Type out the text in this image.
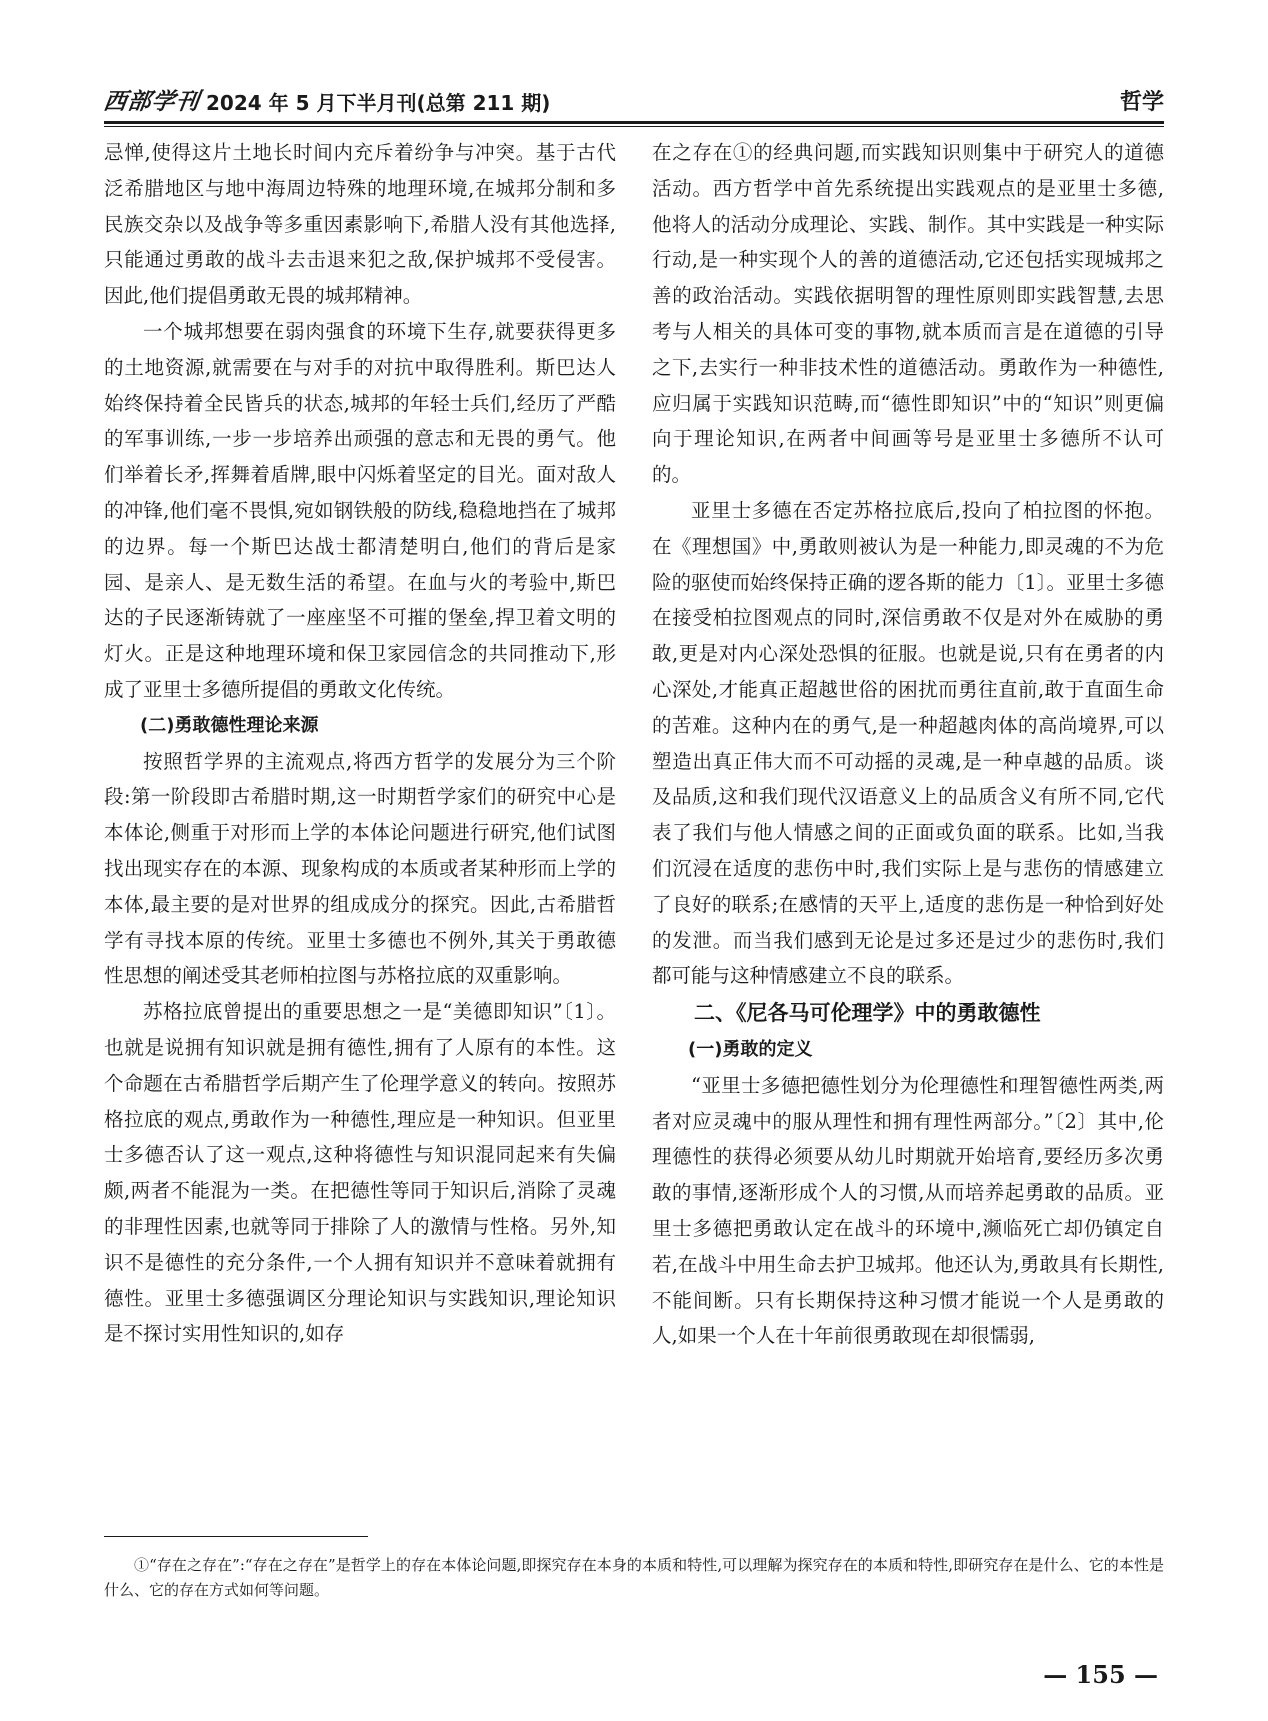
西部学刊 2024 年 5 月下半月刊(总第 211 期)	哲学

忌惮,使得这片土地长时间内充斥着纷争与冲突。基于古代泛希腊地区与地中海周边特殊的地理环境,在城邦分制和多民族交杂以及战争等多重因素影响下,希腊人没有其他选择,只能通过勇敢的战斗去击退来犯之敌,保护城邦不受侵害。因此,他们提倡勇敢无畏的城邦精神。

一个城邦想要在弱肉强食的环境下生存,就要获得更多的土地资源,就需要在与对手的对抗中取得胜利。斯巴达人始终保持着全民皆兵的状态,城邦的年轻士兵们,经历了严酷的军事训练,一步一步培养出顽强的意志和无畏的勇气。他们举着长矛,挥舞着盾牌,眼中闪烁着坚定的目光。面对敌人的冲锋,他们毫不畏惧,宛如钢铁般的防线,稳稳地挡在了城邦的边界。每一个斯巴达战士都清楚明白,他们的背后是家园、是亲人、是无数生活的希望。在血与火的考验中,斯巴达的子民逐渐铸就了一座座坚不可摧的堡垒,捍卫着文明的灯火。正是这种地理环境和保卫家园信念的共同推动下,形成了亚里士多德所提倡的勇敢文化传统。

(二)勇敢德性理论来源

按照哲学界的主流观点,将西方哲学的发展分为三个阶段:第一阶段即古希腊时期,这一时期哲学家们的研究中心是本体论,侧重于对形而上学的本体论问题进行研究,他们试图找出现实存在的本源、现象构成的本质或者某种形而上学的本体,最主要的是对世界的组成成分的探究。因此,古希腊哲学有寻找本原的传统。亚里士多德也不例外,其关于勇敢德性思想的阐述受其老师柏拉图与苏格拉底的双重影响。

苏格拉底曾提出的重要思想之一是“美德即知识”〔1〕。也就是说拥有知识就是拥有德性,拥有了人原有的本性。这个命题在古希腊哲学后期产生了伦理学意义的转向。按照苏格拉底的观点,勇敢作为一种德性,理应是一种知识。但亚里士多德否认了这一观点,这种将德性与知识混同起来有失偏颇,两者不能混为一类。在把德性等同于知识后,消除了灵魂的非理性因素,也就等同于排除了人的激情与性格。另外,知识不是德性的充分条件,一个人拥有知识并不意味着就拥有德性。亚里士多德强调区分理论知识与实践知识,理论知识是不探讨实用性知识的,如存

在之存在①的经典问题,而实践知识则集中于研究人的道德活动。西方哲学中首先系统提出实践观点的是亚里士多德,他将人的活动分成理论、实践、制作。其中实践是一种实际行动,是一种实现个人的善的道德活动,它还包括实现城邦之善的政治活动。实践依据明智的理性原则即实践智慧,去思考与人相关的具体可变的事物,就本质而言是在道德的引导之下,去实行一种非技术性的道德活动。勇敢作为一种德性,应归属于实践知识范畴,而“德性即知识”中的“知识”则更偏向于理论知识,在两者中间画等号是亚里士多德所不认可的。

亚里士多德在否定苏格拉底后,投向了柏拉图的怀抱。在《理想国》中,勇敢则被认为是一种能力,即灵魂的不为危险的驱使而始终保持正确的逻各斯的能力〔1〕。亚里士多德在接受柏拉图观点的同时,深信勇敢不仅是对外在威胁的勇敢,更是对内心深处恐惧的征服。也就是说,只有在勇者的内心深处,才能真正超越世俗的困扰而勇往直前,敢于直面生命的苦难。这种内在的勇气,是一种超越肉体的高尚境界,可以塑造出真正伟大而不可动摇的灵魂,是一种卓越的品质。谈及品质,这和我们现代汉语意义上的品质含义有所不同,它代表了我们与他人情感之间的正面或负面的联系。比如,当我们沉浸在适度的悲伤中时,我们实际上是与悲伤的情感建立了良好的联系;在感情的天平上,适度的悲伤是一种恰到好处的发泄。而当我们感到无论是过多还是过少的悲伤时,我们都可能与这种情感建立不良的联系。

二、《尼各马可伦理学》中的勇敢德性
(一)勇敢的定义

“亚里士多德把德性划分为伦理德性和理智德性两类,两者对应灵魂中的服从理性和拥有理性两部分。”〔2〕其中,伦理德性的获得必须要从幼儿时期就开始培育,要经历多次勇敢的事情,逐渐形成个人的习惯,从而培养起勇敢的品质。亚里士多德把勇敢认定在战斗的环境中,濒临死亡却仍镇定自若,在战斗中用生命去护卫城邦。他还认为,勇敢具有长期性,不能间断。只有长期保持这种习惯才能说一个人是勇敢的人,如果一个人在十年前很勇敢现在却很懦弱,

①“存在之存在”:“存在之存在”是哲学上的存在本体论问题,即探究存在本身的本质和特性,可以理解为探究存在的本质和特性,即研究存在是什么、它的本性是什么、它的存在方式如何等问题。
— 155 —
